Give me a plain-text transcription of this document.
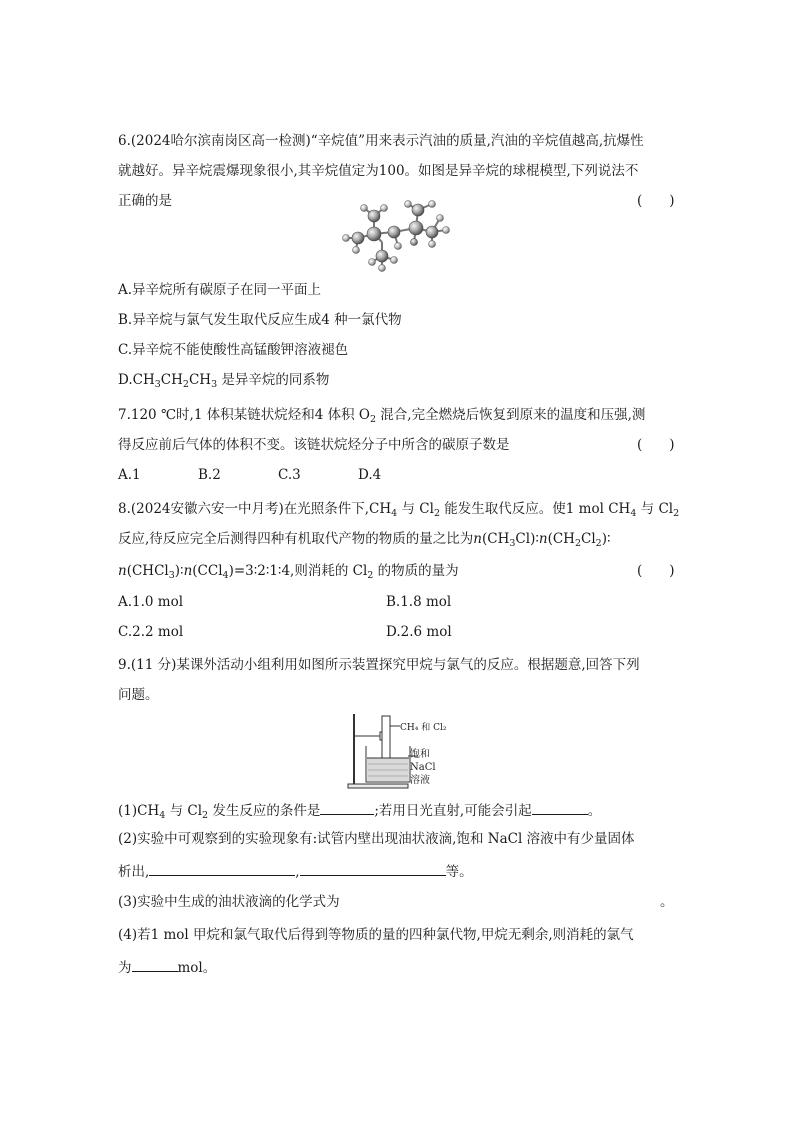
6.(2024哈尔滨南岗区高一检测)“辛烷值”用来表示汽油的质量,汽油的辛烷值越高,抗爆性
就越好。异辛烷震爆现象很小,其辛烷值定为100。如图是异辛烷的球棍模型,下列说法不
正确的是	(　　)
A.异辛烷所有碳原子在同一平面上
B.异辛烷与氯气发生取代反应生成4 种一氯代物
C.异辛烷不能使酸性高锰酸钾溶液褪色
$D.CH_3CH_2CH_3$ 是异辛烷的同系物
7.120 ℃时,1 体积某链状烷烃和4 体积 $O_2$ 混合,完全燃烧后恢复到原来的温度和压强,测
得反应前后气体的体积不变。该链状烷烃分子中所含的碳原子数是	(　　)
A.1	B.2	C.3	D.4
8.(2024安徽六安一中月考)在光照条件下$,CH_4$ 与 $Cl_2$ 能发生取代反应。使1 mol $CH_4$ 与 $Cl_2$
反应,待反应完全后测得四种有机取代产物的物质的量之比为$n(CH_3Cl)∶n(CH_2Cl_2)∶$
n(CHCl$_3$)∶n(CCl$_4$)=3∶2∶1∶4,则消耗的 $Cl_2$ 的物质的量为	(　　)
A.1.0 mol	B.1.8 mol
C.2.2 mol	D.2.6 mol
9.(11 分)某课外活动小组利用如图所示装置探究甲烷与氯气的反应。根据题意,回答下列
问题。
CH₄ 和 Cl₂
饱和
NaCl
溶液
$(1)CH_4$ 与 $Cl_2$ 发生反应的条件是	;若用日光直射,可能会引起	。
(2)实验中可观察到的实验现象有:试管内壁出现油状液滴,饱和 NaCl 溶液中有少量固体
析出,	,	等。
(3)实验中生成的油状液滴的化学式为	。
(4)若1 mol 甲烷和氯气取代后得到等物质的量的四种氯代物,甲烷无剩余,则消耗的氯气
为	mol。
